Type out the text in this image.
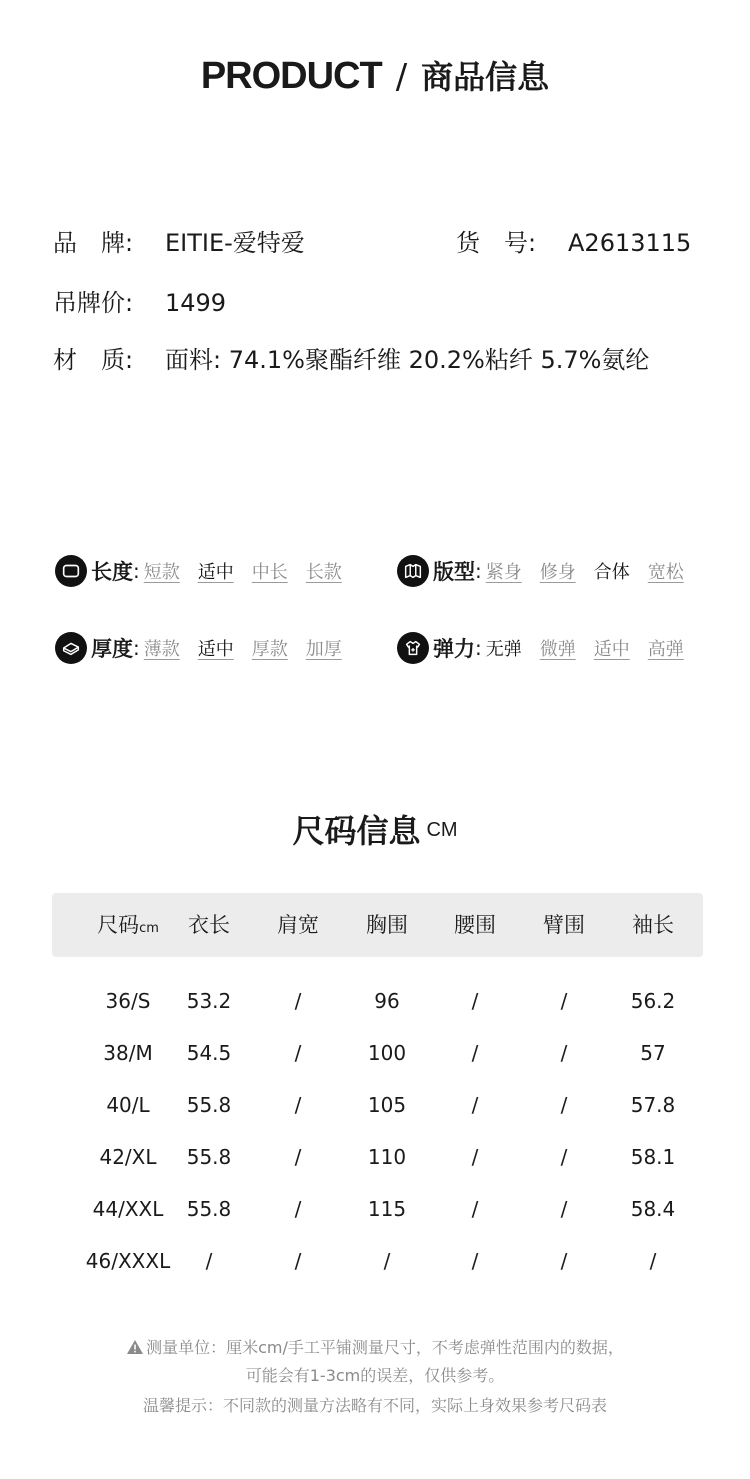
PRODUCT / 商品信息
品　牌: EITIE-爱特爱	货　号: A2613115
吊牌价: 1499
材　质: 面料: 74.1%聚酯纤维 20.2%粘纤 5.7%氨纶
长度 : 短款 适中 中长 长款	版型 : 紧身 修身 合体 宽松
厚度 : 薄款 适中 厚款 加厚	弹力 : 无弹 微弹 适中 高弹
尺码信息 CM
尺码cm	衣长	肩宽	胸围	腰围	臂围	袖长
36/S	53.2	/	96	/	/	56.2
38/M	54.5	/	100	/	/	57
40/L	55.8	/	105	/	/	57.8
42/XL	55.8	/	110	/	/	58.1
44/XXL	55.8	/	115	/	/	58.4
46/XXXL	/	/	/	/	/	/
测量单位：厘米cm/手工平铺测量尺寸，不考虑弹性范围内的数据，
可能会有1-3cm的误差，仅供参考。
温馨提示：不同款的测量方法略有不同，实际上身效果参考尺码表
